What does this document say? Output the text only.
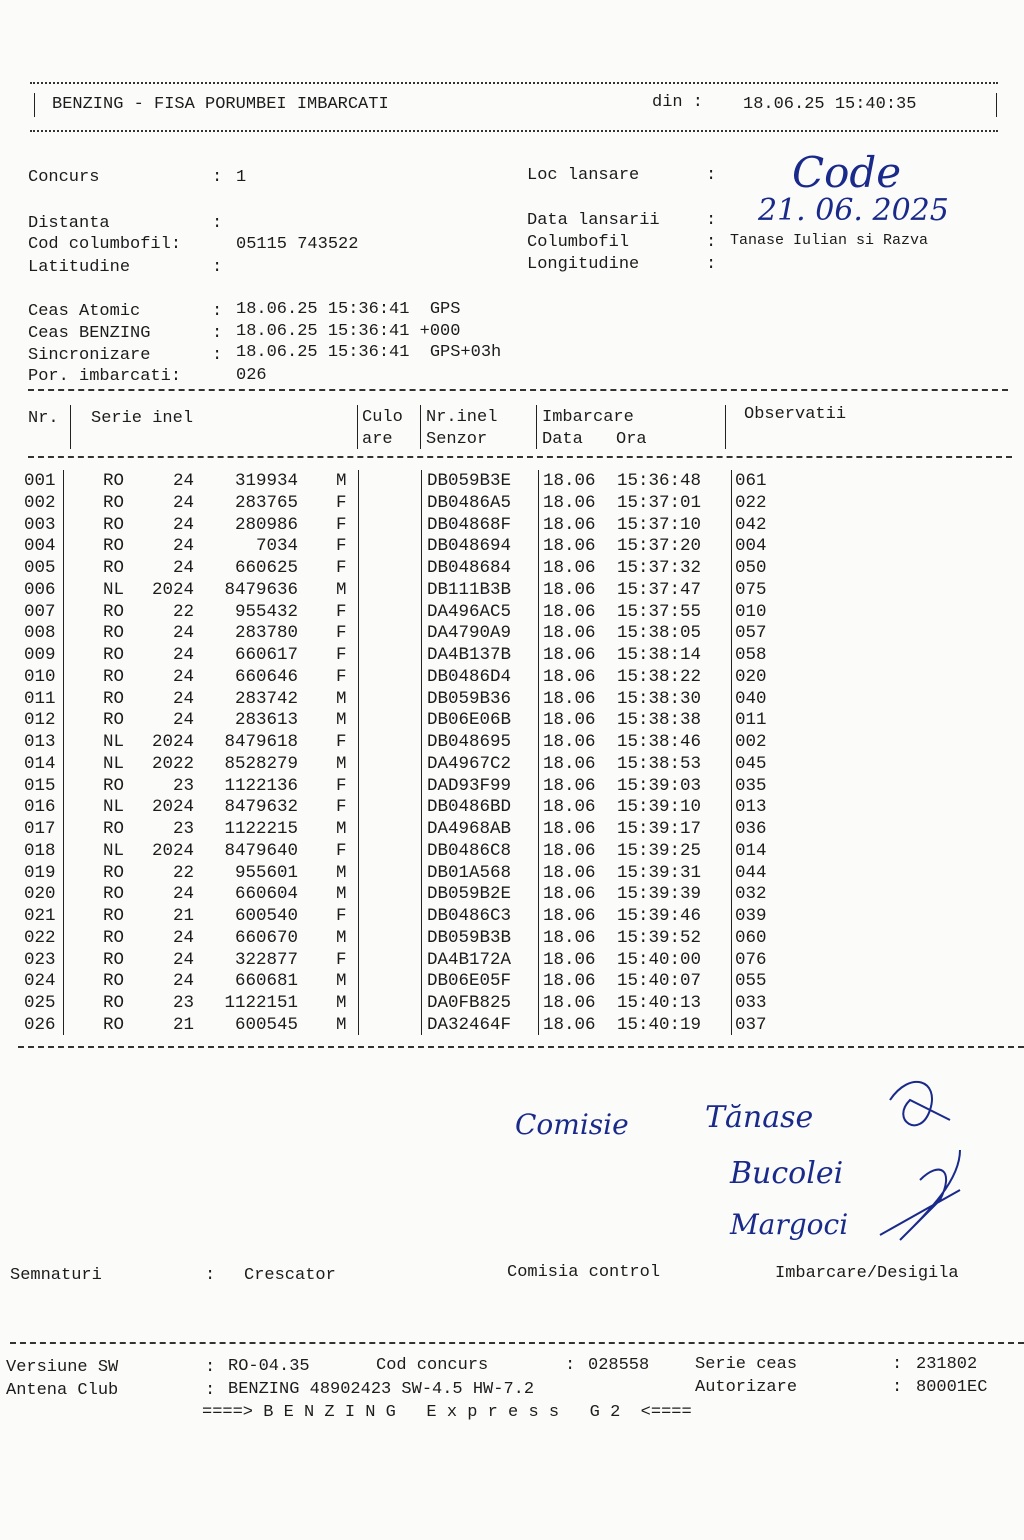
BENZING - FISA PORUMBEI IMBARCATI	din : 18.06.25 15:40:35
Concurs	: 1
Distanta	:
Cod columbofil:	05115 743522
Latitudine	:
Loc lansare	: Code
Data lansarii	: 21. 06. 2025
Columbofil	: Tanase Iulian si Razva
Longitudine	:
Ceas Atomic	: 18.06.25 15:36:41  GPS
Ceas BENZING	: 18.06.25 15:36:41 +000
Sincronizare	: 18.06.25 15:36:41  GPS+03h
Por. imbarcati:	026
Nr. Serie inel	Culo
are
Nr.inel
Senzor
Imbarcare
Data Ora
Observatii
001	RO	24	319934 M	DB059B3E	18.06	15:36:48	061
002	RO	24	283765 F	DB0486A5	18.06	15:37:01	022
003	RO	24	280986 F	DB04868F	18.06	15:37:10	042
004	RO	24	7034 F	DB048694	18.06	15:37:20	004
005	RO	24	660625 F	DB048684	18.06	15:37:32	050
006	NL	2024	8479636 M	DB111B3B	18.06	15:37:47	075
007	RO	22	955432 F	DA496AC5	18.06	15:37:55	010
008	RO	24	283780 F	DA4790A9	18.06	15:38:05	057
009	RO	24	660617 F	DA4B137B	18.06	15:38:14	058
010	RO	24	660646 F	DB0486D4	18.06	15:38:22	020
011	RO	24	283742 M	DB059B36	18.06	15:38:30	040
012	RO	24	283613 M	DB06E06B	18.06	15:38:38	011
013	NL	2024	8479618 F	DB048695	18.06	15:38:46	002
014	NL	2022	8528279 M	DA4967C2	18.06	15:38:53	045
015	RO	23	1122136 F	DAD93F99	18.06	15:39:03	035
016	NL	2024	8479632 F	DB0486BD	18.06	15:39:10	013
017	RO	23	1122215 M	DA4968AB	18.06	15:39:17	036
018	NL	2024	8479640 F	DB0486C8	18.06	15:39:25	014
019	RO	22	955601 M	DB01A568	18.06	15:39:31	044
020	RO	24	660604 M	DB059B2E	18.06	15:39:39	032
021	RO	21	600540 F	DB0486C3	18.06	15:39:46	039
022	RO	24	660670 M	DB059B3B	18.06	15:39:52	060
023	RO	24	322877 F	DA4B172A	18.06	15:40:00	076
024	RO	24	660681 M	DB06E05F	18.06	15:40:07	055
025	RO	23	1122151 M	DA0FB825	18.06	15:40:13	033
026	RO	21	600545 M	DA32464F	18.06	15:40:19	037
Comisie	Tănase
Bucolei
Margoci
Semnaturi	: Crescator	Comisia control	Imbarcare/Desigila
Versiune SW	: RO-04.35	Cod concurs	: 028558	Serie ceas	: 231802
Antena Club	: BENZING 48902423 SW-4.5 HW-7.2	Autorizare	: 80001EC
====> B E N Z I N G   E x p r e s s   G 2  <====
